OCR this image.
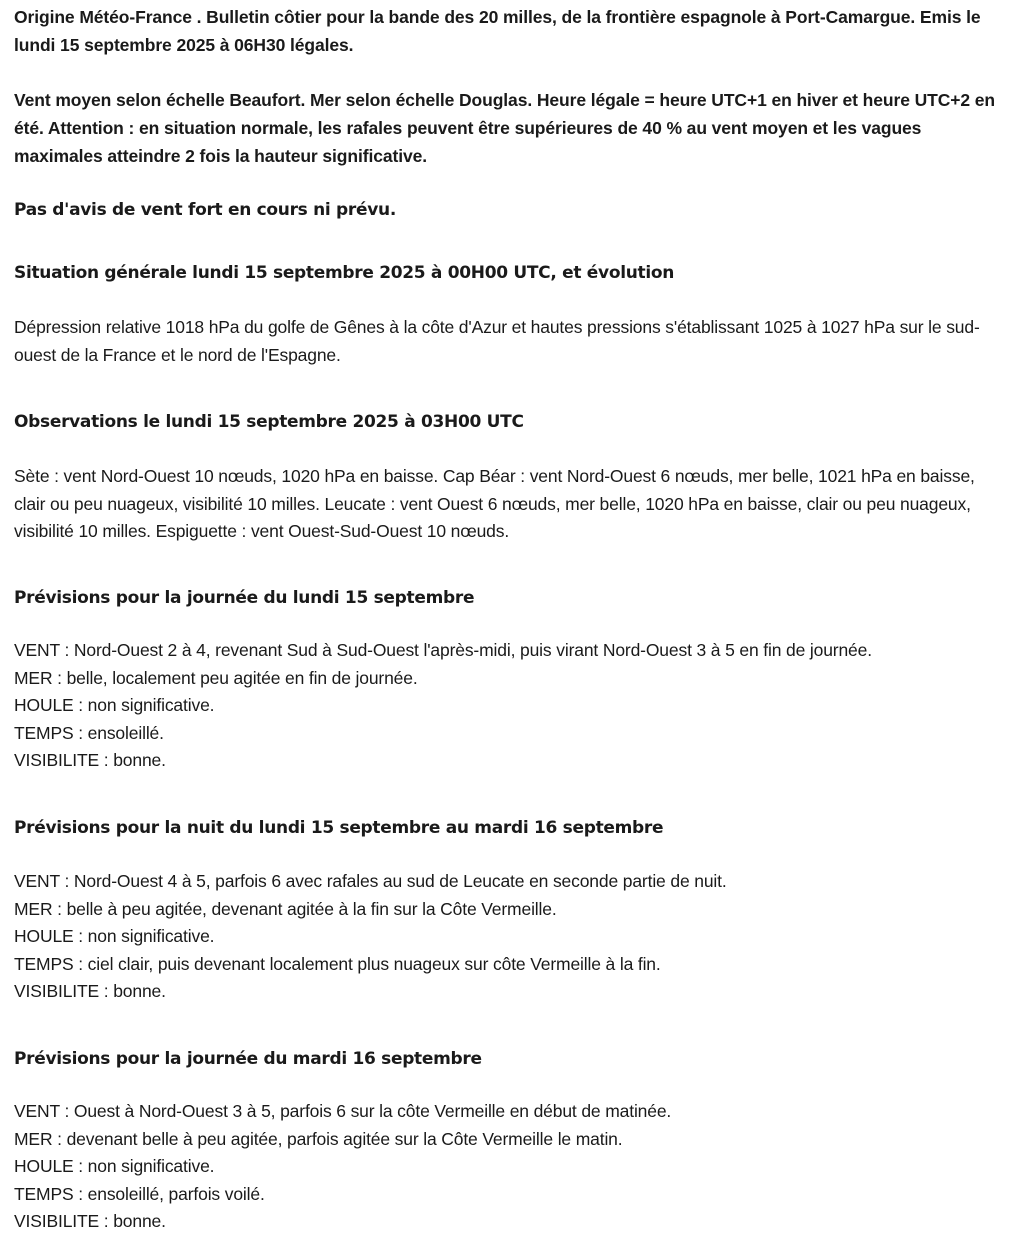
Origine Météo-France . Bulletin côtier pour la bande des 20 milles, de la frontière espagnole à Port-Camargue. Emis le lundi 15 septembre 2025 à 06H30 légales.

Vent moyen selon échelle Beaufort. Mer selon échelle Douglas. Heure légale = heure UTC+1 en hiver et heure UTC+2 en été. Attention : en situation normale, les rafales peuvent être supérieures de 40 % au vent moyen et les vagues maximales atteindre 2 fois la hauteur significative.

Pas d'avis de vent fort en cours ni prévu.

Situation générale lundi 15 septembre 2025 à 00H00 UTC, et évolution

Dépression relative 1018 hPa du golfe de Gênes à la côte d'Azur et hautes pressions s'établissant 1025 à 1027 hPa sur le sud-ouest de la France et le nord de l'Espagne.

Observations le lundi 15 septembre 2025 à 03H00 UTC

Sète : vent Nord-Ouest 10 nœuds, 1020 hPa en baisse. Cap Béar : vent Nord-Ouest 6 nœuds, mer belle, 1021 hPa en baisse, clair ou peu nuageux, visibilité 10 milles. Leucate : vent Ouest 6 nœuds, mer belle, 1020 hPa en baisse, clair ou peu nuageux, visibilité 10 milles. Espiguette : vent Ouest-Sud-Ouest 10 nœuds.

Prévisions pour la journée du lundi 15 septembre
VENT : Nord-Ouest 2 à 4, revenant Sud à Sud-Ouest l'après-midi, puis virant Nord-Ouest 3 à 5 en fin de journée.
MER : belle, localement peu agitée en fin de journée.
HOULE : non significative.
TEMPS : ensoleillé.
VISIBILITE : bonne.
Prévisions pour la nuit du lundi 15 septembre au mardi 16 septembre
VENT : Nord-Ouest 4 à 5, parfois 6 avec rafales au sud de Leucate en seconde partie de nuit.
MER : belle à peu agitée, devenant agitée à la fin sur la Côte Vermeille.
HOULE : non significative.
TEMPS : ciel clair, puis devenant localement plus nuageux sur côte Vermeille à la fin.
VISIBILITE : bonne.
Prévisions pour la journée du mardi 16 septembre
VENT : Ouest à Nord-Ouest 3 à 5, parfois 6 sur la côte Vermeille en début de matinée.
MER : devenant belle à peu agitée, parfois agitée sur la Côte Vermeille le matin.
HOULE : non significative.
TEMPS : ensoleillé, parfois voilé.
VISIBILITE : bonne.
